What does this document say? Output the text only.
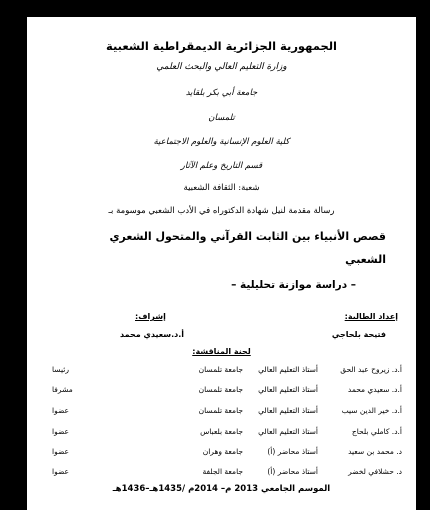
الجمهورية الجزائرية الديمقراطية الشعبية
وزارة التعليم العالي والبحث العلمي
جامعة أبي بكر بلقايد
تلمسان
كلية العلوم الإنسانية والعلوم الاجتماعية
قسم التاريخ وعلم الآثار
شعبة: الثقافة الشعبية
رسالة مقدمة لنيل شهادة الدكتوراه في الأدب الشعبي موسومة بـ
قصص الأنبياء بين الثابت القرآني والمتحول الشعري
الشعبي
– دراسة موازنة تحليلية –
إعداد الطالبة:
إشراف:
فتيحة بلحاجي
أ.د.سعيدي محمد
لجنة المناقشة:
أ.د. زيروح عبد الحق
أستاذ التعليم العالي
جامعة تلمسان
رئيسا
أ.د. سعيدي محمد
أستاذ التعليم العالي
جامعة تلمسان
مشرفا
أ.د. خير الدين سيب
أستاذ التعليم العالي
جامعة تلمسان
عضوا
أ.د. كاملي بلحاج
أستاذ التعليم العالي
جامعة بلعباس
عضوا
د. محمد بن سعيد
أستاذ محاضر (أ)
جامعة وهران
عضوا
د. حشلافي لخضر
أستاذ محاضر (أ)
جامعة الجلفة
عضوا
الموسم الجامعي 2013 م– 2014م /1435هـ–1436هـ
